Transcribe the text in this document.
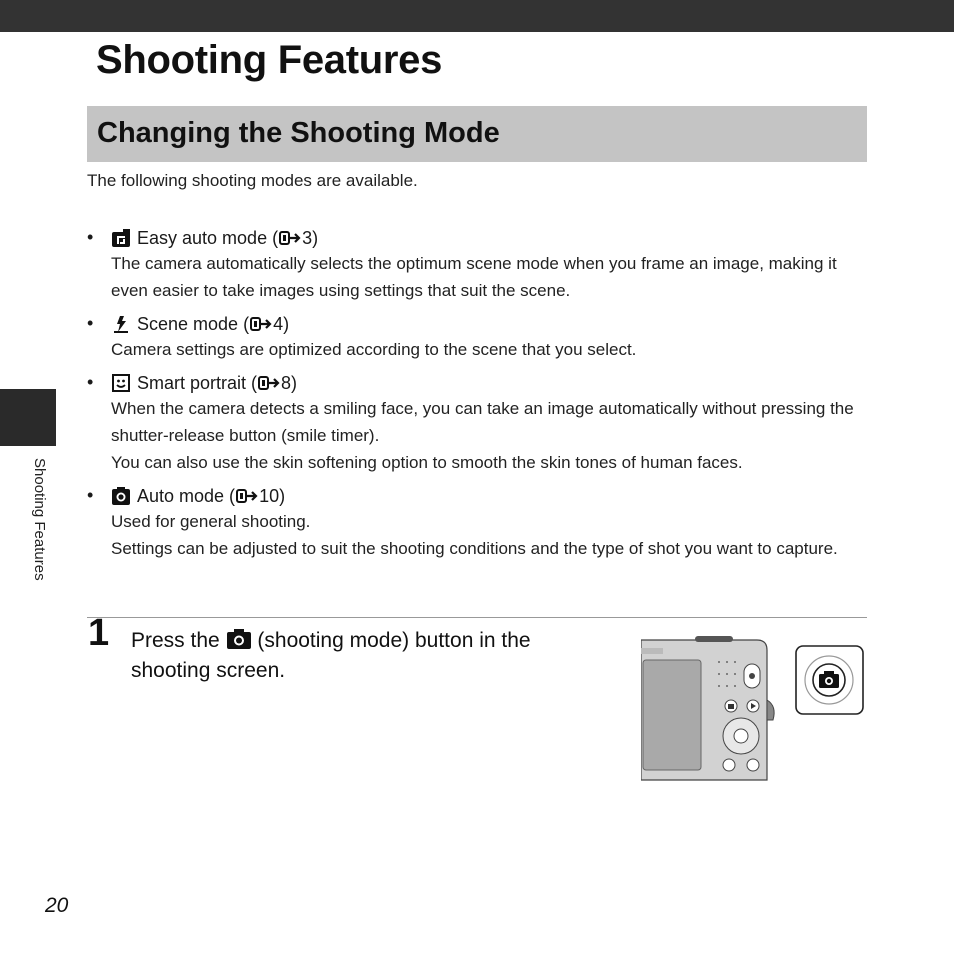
Shooting Features
Changing the Shooting Mode
The following shooting modes are available.
• Easy auto mode ( 3)
The camera automatically selects the optimum scene mode when you frame an image, making it even easier to take images using settings that suit the scene.
• Scene mode ( 4)
Camera settings are optimized according to the scene that you select.
• Smart portrait ( 8)
When the camera detects a smiling face, you can take an image automatically without pressing the shutter-release button (smile timer).
You can also use the skin softening option to smooth the skin tones of human faces.
• Auto mode ( 10)
Used for general shooting.
Settings can be adjusted to suit the shooting conditions and the type of shot you want to capture.
1 Press the (shooting mode) button in the shooting screen.
Shooting Features
20
